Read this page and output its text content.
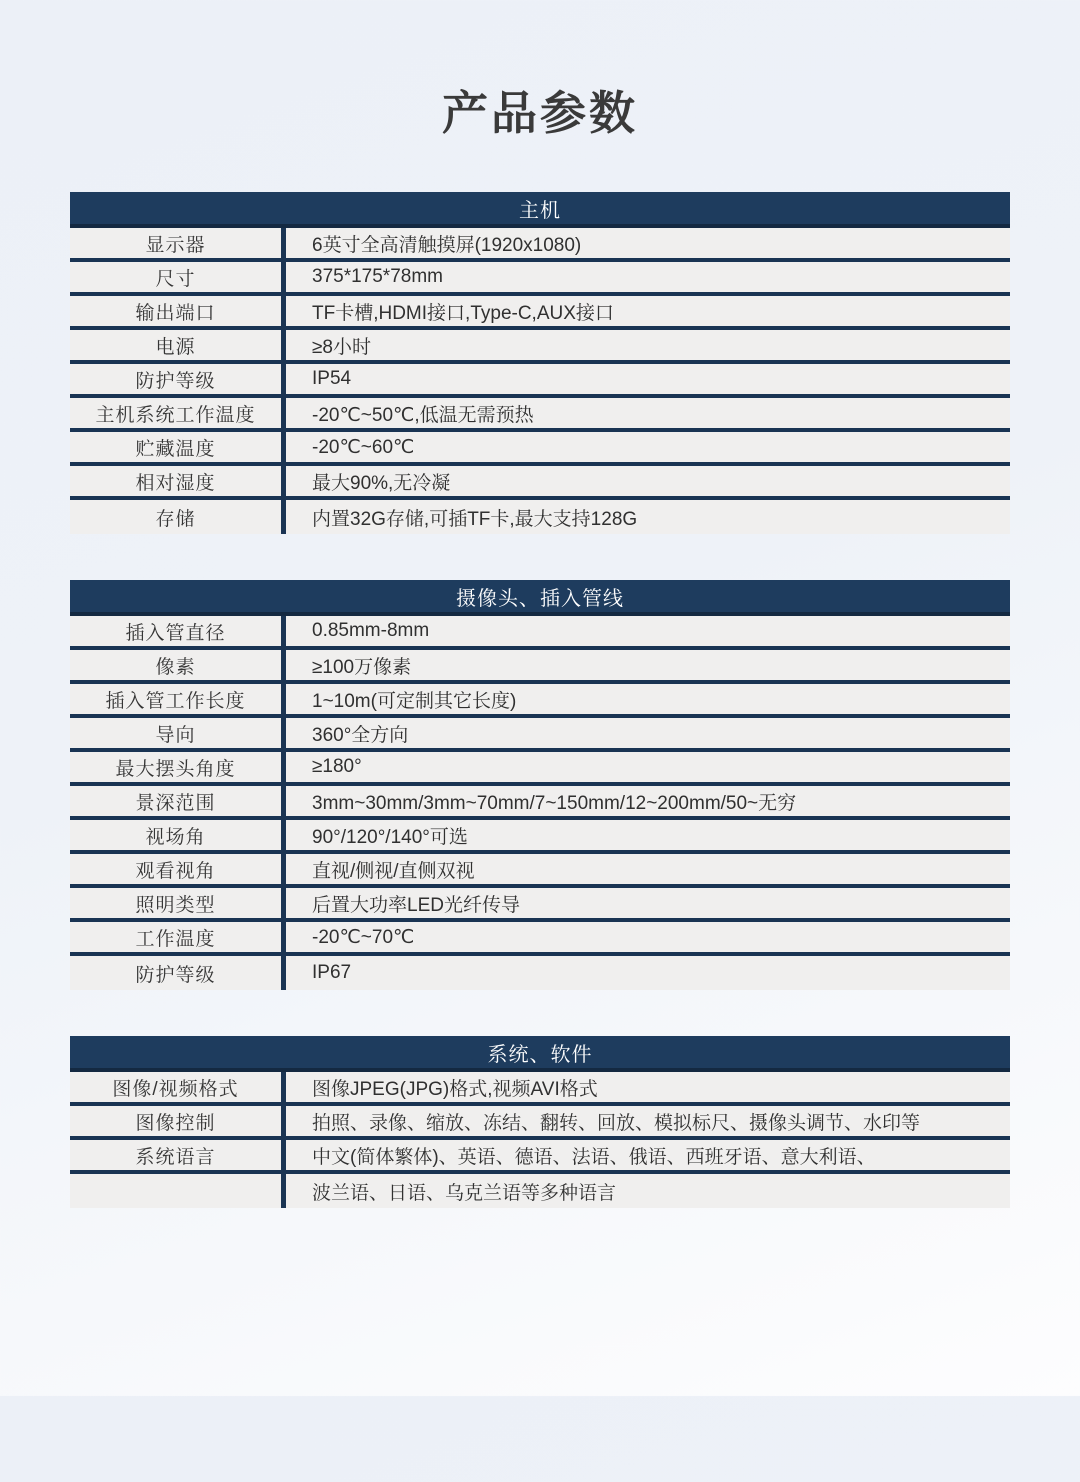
产品参数
主机
显示器	6英寸全高清触摸屏(1920x1080)
尺寸	375*175*78mm
输出端口	TF卡槽,HDMI接口,Type-C,AUX接口
电源	≥8小时
防护等级	IP54
主机系统工作温度	-20℃~50℃,低温无需预热
贮藏温度	-20℃~60℃
相对湿度	最大90%,无冷凝
存储	内置32G存储,可插TF卡,最大支持128G
摄像头、插入管线
插入管直径	0.85mm-8mm
像素	≥100万像素
插入管工作长度	1~10m(可定制其它长度)
导向	360°全方向
最大摆头角度	≥180°
景深范围	3mm~30mm/3mm~70mm/7~150mm/12~200mm/50~无穷
视场角	90°/120°/140°可选
观看视角	直视/侧视/直侧双视
照明类型	后置大功率LED光纤传导
工作温度	-20℃~70℃
防护等级	IP67
系统、软件
图像/视频格式	图像JPEG(JPG)格式,视频AVI格式
图像控制	拍照、录像、缩放、冻结、翻转、回放、模拟标尺、摄像头调节、水印等
系统语言	中文(简体繁体)、英语、德语、法语、俄语、西班牙语、意大利语、
波兰语、日语、乌克兰语等多种语言
